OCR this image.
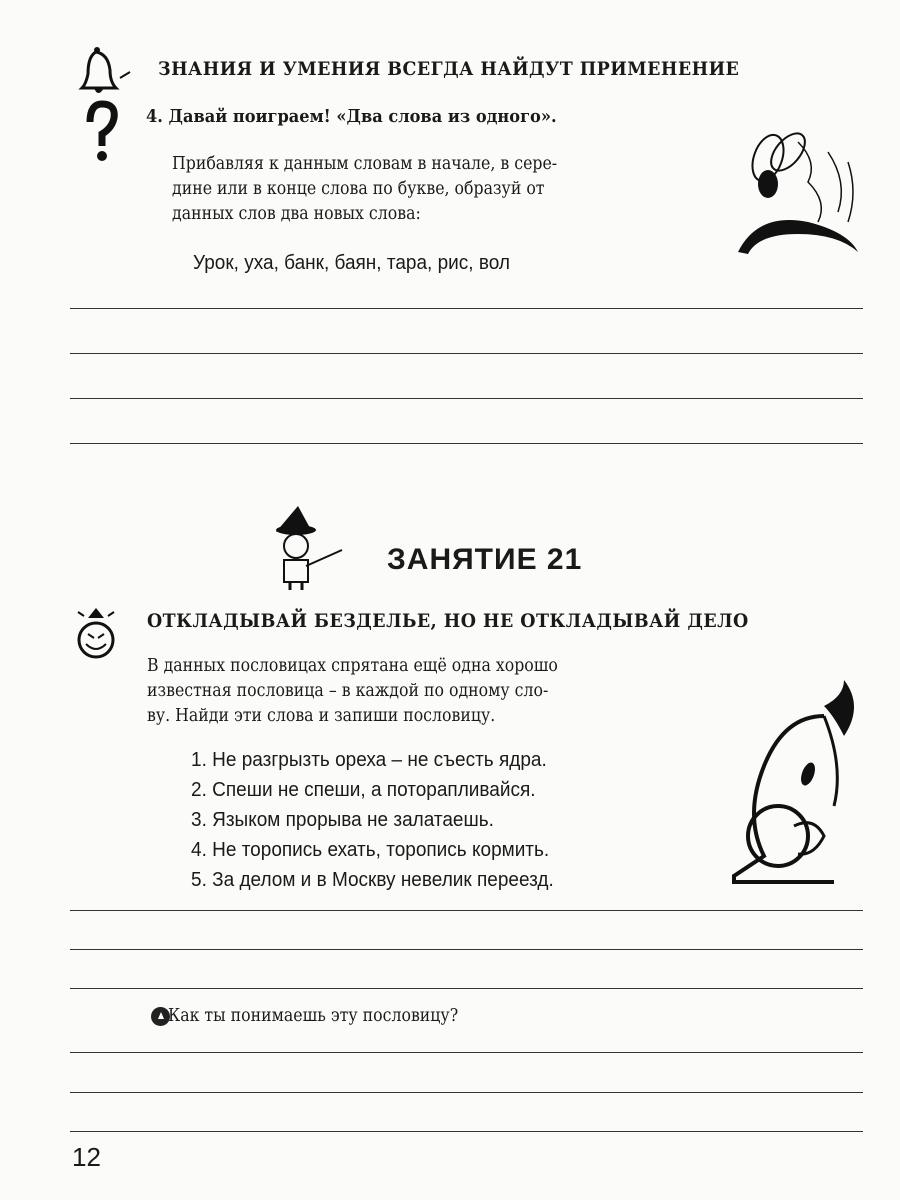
ЗНАНИЯ И УМЕНИЯ ВСЕГДА НАЙДУТ ПРИМЕНЕНИЕ
4. Давай поиграем! «Два слова из одного».
Прибавляя к данным словам в начале, в сере-
дине или в конце слова по букве, образуй от
данных слов два новых слова:
Урок, уха, банк, баян, тара, рис, вол
ЗАНЯТИЕ 21
ОТКЛАДЫВАЙ БЕЗДЕЛЬЕ, НО НЕ ОТКЛАДЫВАЙ ДЕЛО
В данных пословицах спрятана ещё одна хорошо
известная пословица – в каждой по одному сло-
ву. Найди эти слова и запиши пословицу.
1. Не разгрызть ореха – не съесть ядра.
2. Спеши не спеши, а поторапливайся.
3. Языком прорыва не залатаешь.
4. Не торопись ехать, торопись кормить.
5. За делом и в Москву невелик переезд.
Как ты понимаешь эту пословицу?
12
